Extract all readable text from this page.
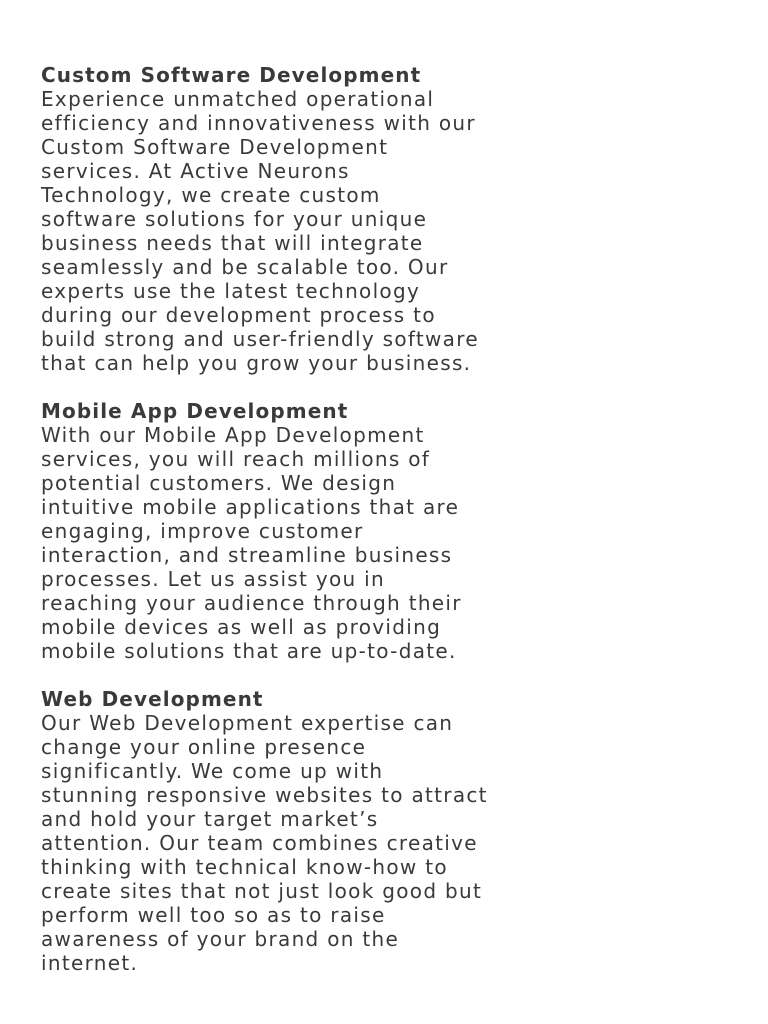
Custom Software Development

Experience unmatched operational
efficiency and innovativeness with our
Custom Software Development
services. At Active Neurons
Technology, we create custom
software solutions for your unique
business needs that will integrate
seamlessly and be scalable too. Our
experts use the latest technology
during our development process to
build strong and user-friendly software
that can help you grow your business.

Mobile App Development

With our Mobile App Development
services, you will reach millions of
potential customers. We design
intuitive mobile applications that are
engaging, improve customer
interaction, and streamline business
processes. Let us assist you in
reaching your audience through their
mobile devices as well as providing
mobile solutions that are up-to-date.

Web Development

Our Web Development expertise can
change your online presence
significantly. We come up with
stunning responsive websites to attract
and hold your target market’s
attention. Our team combines creative
thinking with technical know-how to
create sites that not just look good but
perform well too so as to raise
awareness of your brand on the
internet.
